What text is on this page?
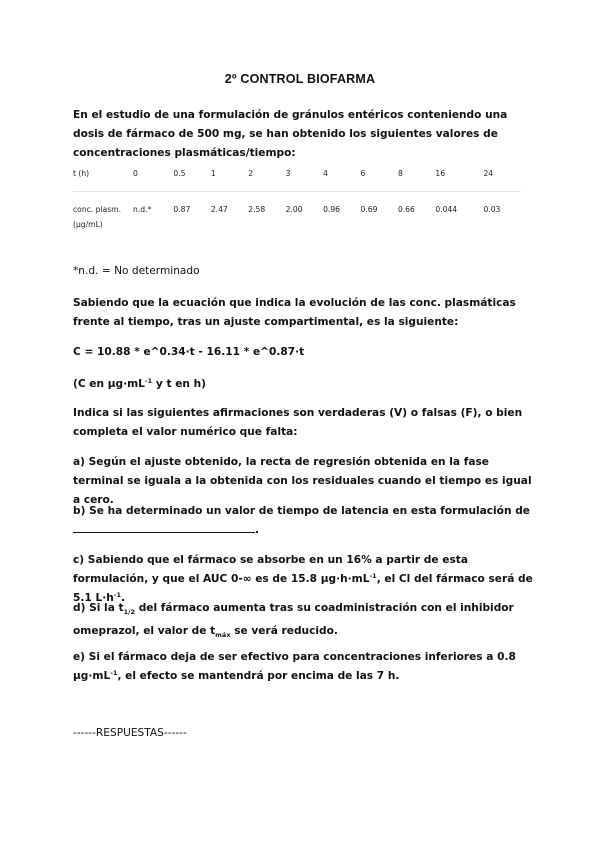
2º CONTROL BIOFARMA
En el estudio de una formulación de gránulos entéricos conteniendo una dosis de fármaco de 500 mg, se han obtenido los siguientes valores de concentraciones plasmáticas/tiempo:
t (h)	0	0.5	1	2	3	4	6	8	16	24
conc. plasm. (µg/mL)	n.d.*	0.87	2.47	2.58	2.00	0.96	0.69	0.66	0.044	0.03
*n.d. = No determinado
Sabiendo que la ecuación que indica la evolución de las conc. plasmáticas frente al tiempo, tras un ajuste compartimental, es la siguiente:
C = 10.88 * e^0.34·t - 16.11 * e^0.87·t
(C en $\mu g\cdot mL^{-1}$ y t en h)
Indica si las siguientes afirmaciones son verdaderas (V) o falsas (F), o bien completa el valor numérico que falta:
a) Según el ajuste obtenido, la recta de regresión obtenida en la fase terminal se iguala a la obtenida con los residuales cuando el tiempo es igual a cero.
b) Se ha determinado un valor de tiempo de latencia en esta formulación de
.
c) Sabiendo que el fármaco se absorbe en un 16% a partir de esta formulación, y que el AUC 0-∞ es de 15.8 $\mu g\cdot h\cdot mL^{-1}$, el Cl del fármaco será de 5.1 $L\cdot h^{-1}$.
d) Si la $t_{1/2}$ del fármaco aumenta tras su coadministración con el inhibidor omeprazol, el valor de $t_{máx}$ se verá reducido.
e) Si el fármaco deja de ser efectivo para concentraciones inferiores a 0.8 $\mu g\cdot mL^{-1}$, el efecto se mantendrá por encima de las 7 h.
------RESPUESTAS------
